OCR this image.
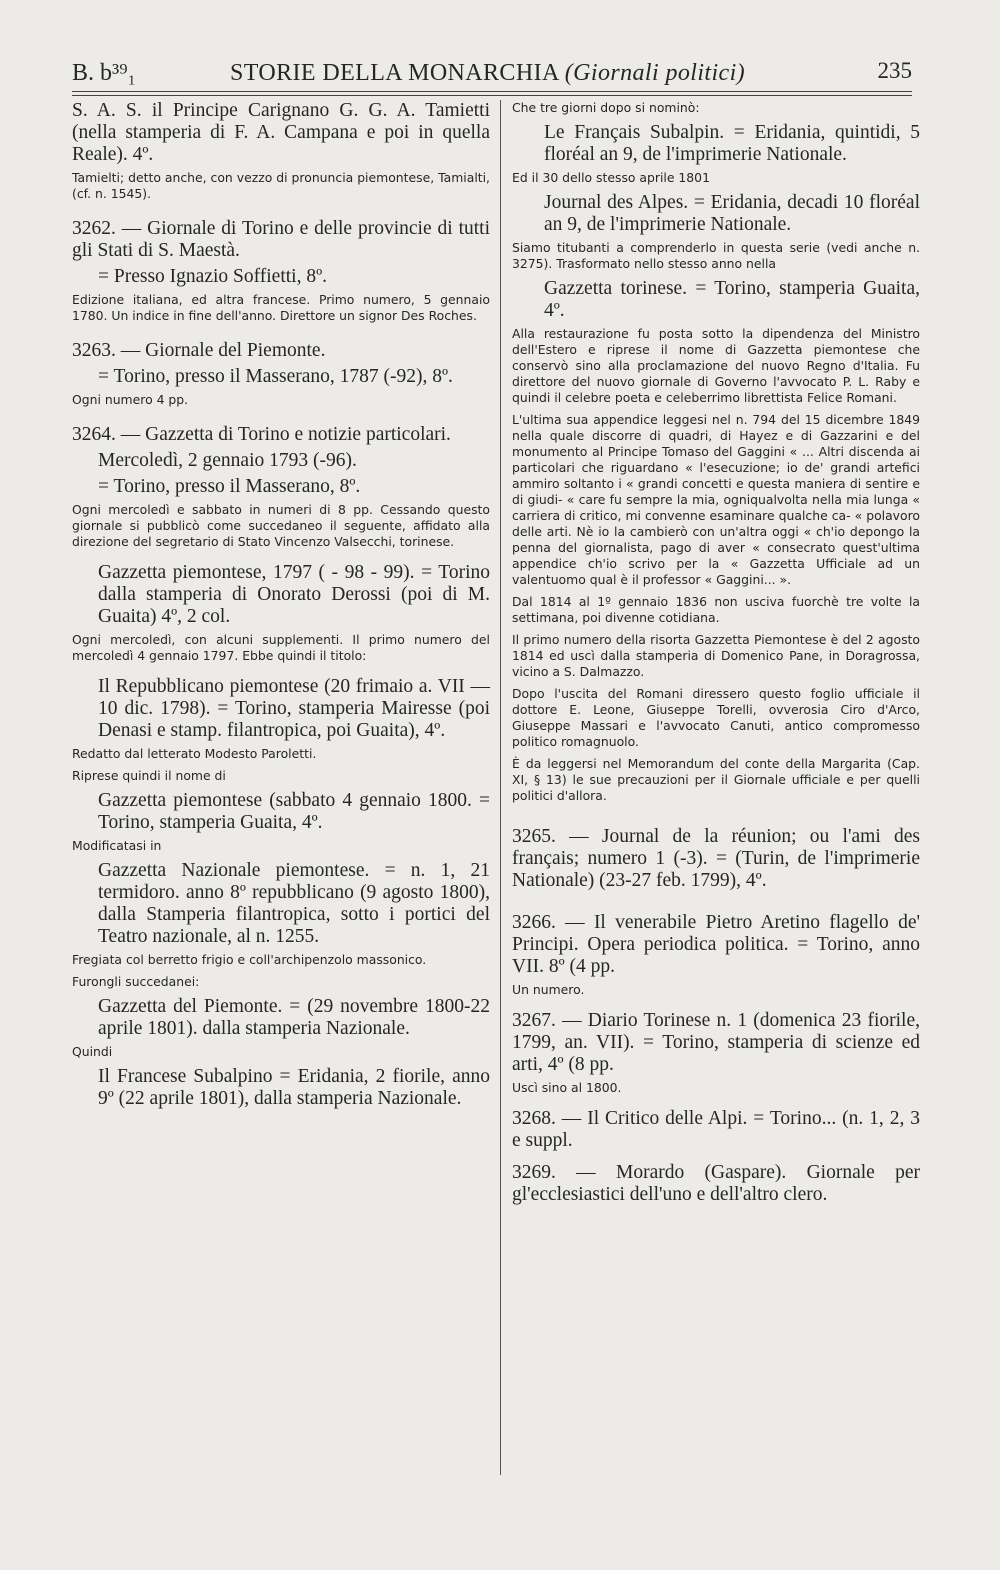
B. b³⁹₁	STORIE DELLA MONARCHIA (Giornali politici)	235
S. A. S. il Principe Carignano G. G. A. Tamietti (nella stamperia di F. A. Campana e poi in quella Reale). 4º.
Tamielti; detto anche, con vezzo di pronuncia piemontese, Tamialti, (cf. n. 1545).
3262. — Giornale di Torino e delle provincie di tutti gli Stati di S. Maestà.
= Presso Ignazio Soffietti, 8º.
Edizione italiana, ed altra francese. Primo numero, 5 gennaio 1780. Un indice in fine dell'anno. Direttore un signor Des Roches.
3263. — Giornale del Piemonte.
= Torino, presso il Masserano, 1787 (-92), 8º.
Ogni numero 4 pp.
3264. — Gazzetta di Torino e notizie particolari.
Mercoledì, 2 gennaio 1793 (-96).
= Torino, presso il Masserano, 8º.
Ogni mercoledì e sabbato in numeri di 8 pp. Cessando questo giornale si pubblicò come succedaneo il seguente, affidato alla direzione del segretario di Stato Vincenzo Valsecchi, torinese.
Gazzetta piemontese, 1797 ( - 98 - 99). = Torino dalla stamperia di Onorato Derossi (poi di M. Guaita) 4º, 2 col.
Ogni mercoledì, con alcuni supplementi. Il primo numero del mercoledì 4 gennaio 1797. Ebbe quindi il titolo:
Il Repubblicano piemontese (20 frimaio a. VII — 10 dic. 1798). = Torino, stamperia Mairesse (poi Denasi e stamp. filantropica, poi Guaita), 4º.
Redatto dal letterato Modesto Paroletti.
Riprese quindi il nome di
Gazzetta piemontese (sabbato 4 gennaio 1800. = Torino, stamperia Guaita, 4º.
Modificatasi in
Gazzetta Nazionale piemontese. = n. 1, 21 termidoro. anno 8º repubblicano (9 agosto 1800), dalla Stamperia filantropica, sotto i portici del Teatro nazionale, al n. 1255.
Fregiata col berretto frigio e coll'archipenzolo massonico.
Furongli succedanei:
Gazzetta del Piemonte. = (29 novembre 1800-22 aprile 1801). dalla stamperia Nazionale.
Quindi
Il Francese Subalpino = Eridania, 2 fiorile, anno 9º (22 aprile 1801), dalla stamperia Nazionale.
Che tre giorni dopo si nominò:
Le Français Subalpin. = Eridania, quintidi, 5 floréal an 9, de l'imprimerie Nationale.
Ed il 30 dello stesso aprile 1801
Journal des Alpes. = Eridania, decadi 10 floréal an 9, de l'imprimerie Nationale.
Siamo titubanti a comprenderlo in questa serie (vedi anche n. 3275). Trasformato nello stesso anno nella
Gazzetta torinese. = Torino, stamperia Guaita, 4º.
Alla restaurazione fu posta sotto la dipendenza del Ministro dell'Estero e riprese il nome di Gazzetta piemontese che conservò sino alla proclamazione del nuovo Regno d'Italia. Fu direttore del nuovo giornale di Governo l'avvocato P. L. Raby e quindi il celebre poeta e celeberrimo librettista Felice Romani.
L'ultima sua appendice leggesi nel n. 794 del 15 dicembre 1849 nella quale discorre di quadri, di Hayez e di Gazzarini e del monumento al Principe Tomaso del Gaggini « ... Altri discenda ai particolari che riguardano « l'esecuzione; io de' grandi artefici ammiro soltanto i « grandi concetti e questa maniera di sentire e di giudi- « care fu sempre la mia, ogniqualvolta nella mia lunga « carriera di critico, mi convenne esaminare qualche ca- « polavoro delle arti. Nè io la cambierò con un'altra oggi « ch'io depongo la penna del giornalista, pago di aver « consecrato quest'ultima appendice ch'io scrivo per la « Gazzetta Ufficiale ad un valentuomo qual è il professor « Gaggini... ».
Dal 1814 al 1º gennaio 1836 non usciva fuorchè tre volte la settimana, poi divenne cotidiana.
Il primo numero della risorta Gazzetta Piemontese è del 2 agosto 1814 ed uscì dalla stamperia di Domenico Pane, in Doragrossa, vicino a S. Dalmazzo.
Dopo l'uscita del Romani diressero questo foglio ufficiale il dottore E. Leone, Giuseppe Torelli, ovverosia Ciro d'Arco, Giuseppe Massari e l'avvocato Canuti, antico compromesso politico romagnuolo.
È da leggersi nel Memorandum del conte della Margarita (Cap. XI, § 13) le sue precauzioni per il Giornale ufficiale e per quelli politici d'allora.
3265. — Journal de la réunion; ou l'ami des français; numero 1 (-3). = (Turin, de l'imprimerie Nationale) (23-27 feb. 1799), 4º.
3266. — Il venerabile Pietro Aretino flagello de' Principi. Opera periodica politica. = Torino, anno VII. 8º (4 pp.
Un numero.
3267. — Diario Torinese n. 1 (domenica 23 fiorile, 1799, an. VII). = Torino, stamperia di scienze ed arti, 4º (8 pp.
Uscì sino al 1800.
3268. — Il Critico delle Alpi. = Torino... (n. 1, 2, 3 e suppl.
3269. — Morardo (Gaspare). Giornale per gl'ecclesiastici dell'uno e dell'altro clero.
